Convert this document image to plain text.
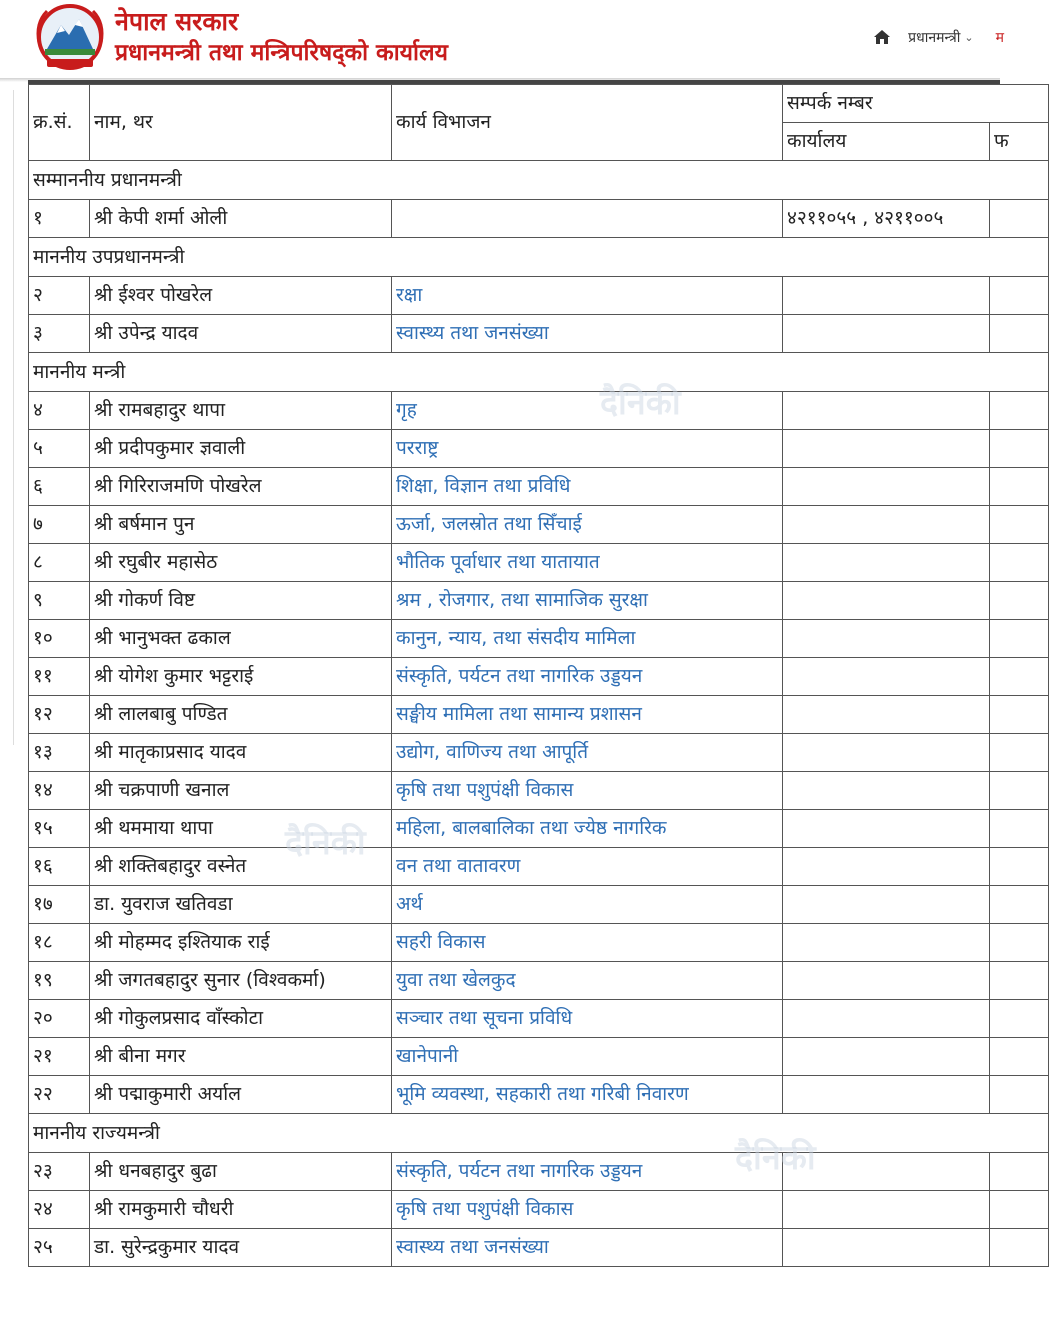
नेपाल सरकार
प्रधानमन्त्री तथा मन्त्रिपरिषद्को कार्यालय
प्रधानमन्त्री ⌄ म
क्र.सं.	नाम, थर	कार्य विभाजन	सम्पर्क नम्बर	
			कार्यालय	फ
सम्माननीय प्रधानमन्त्री				
१	श्री केपी शर्मा ओली		४२११०५५ , ४२११००५	
माननीय उपप्रधानमन्त्री				
२	श्री ईश्वर पोखरेल	रक्षा		
३	श्री उपेन्द्र यादव	स्वास्थ्य तथा जनसंख्या		
माननीय मन्त्री				
४	श्री रामबहादुर थापा	गृह		
५	श्री प्रदीपकुमार ज्ञवाली	परराष्ट्र		
६	श्री गिरिराजमणि पोखरेल	शिक्षा, विज्ञान तथा प्रविधि		
७	श्री बर्षमान पुन	ऊर्जा, जलस्रोत तथा सिँचाई		
८	श्री रघुबीर महासेठ	भौतिक पूर्वाधार तथा यातायात		
९	श्री गोकर्ण विष्ट	श्रम , रोजगार, तथा सामाजिक सुरक्षा		
१०	श्री भानुभक्त ढकाल	कानुन, न्याय, तथा संसदीय मामिला		
११	श्री योगेश कुमार भट्टराई	संस्कृति, पर्यटन तथा नागरिक उड्डयन		
१२	श्री लालबाबु पण्डित	सङ्घीय मामिला तथा सामान्य प्रशासन		
१३	श्री मातृकाप्रसाद यादव	उद्योग, वाणिज्य तथा आपूर्ति		
१४	श्री चक्रपाणी खनाल	कृषि तथा पशुपंक्षी विकास		
१५	श्री थममाया थापा	महिला, बालबालिका तथा ज्येष्ठ नागरिक		
१६	श्री शक्तिबहादुर वस्नेत	वन तथा वातावरण		
१७	डा. युवराज खतिवडा	अर्थ		
१८	श्री मोहम्मद इश्तियाक राई	सहरी विकास		
१९	श्री जगतबहादुर सुनार (विश्वकर्मा)	युवा तथा खेलकुद		
२०	श्री गोकुलप्रसाद वाँस्कोटा	सञ्चार तथा सूचना प्रविधि		
२१	श्री बीना मगर	खानेपानी		
२२	श्री पद्माकुमारी अर्याल	भूमि व्यवस्था, सहकारी तथा गरिबी निवारण		
माननीय राज्यमन्त्री				
२३	श्री धनबहादुर बुढा	संस्कृति, पर्यटन तथा नागरिक उड्डयन		
२४	श्री रामकुमारी चौधरी	कृषि तथा पशुपंक्षी विकास		
२५	डा. सुरेन्द्रकुमार यादव	स्वास्थ्य तथा जनसंख्या		
दैनिकी
दैनिकी
दैनिकी
